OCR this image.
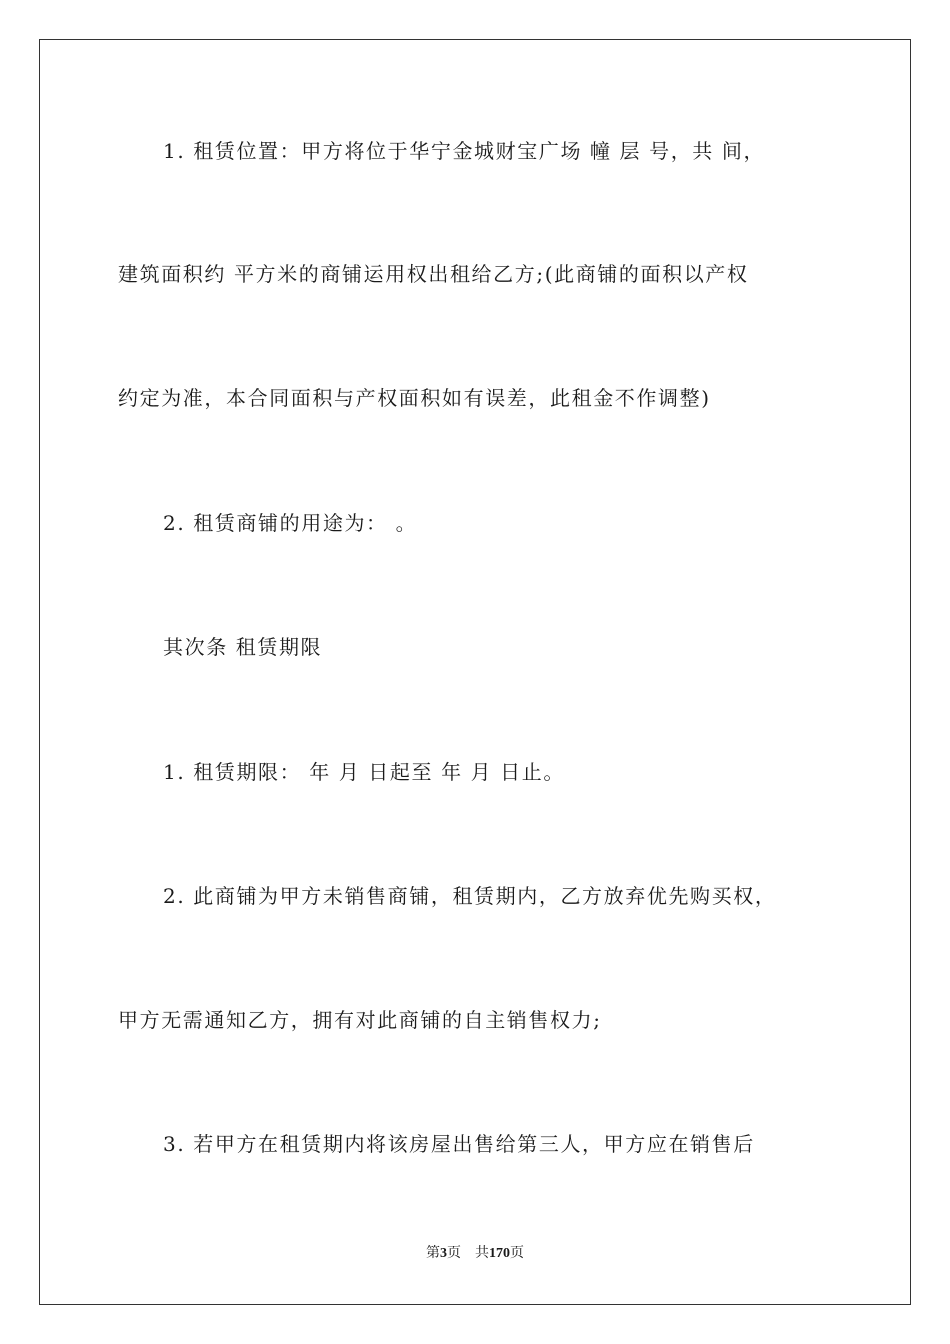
1. 租赁位置：甲方将位于华宁金城财宝广场 幢 层 号，共 间，
建筑面积约 平方米的商铺运用权出租给乙方;(此商铺的面积以产权
约定为准，本合同面积与产权面积如有误差，此租金不作调整)
2. 租赁商铺的用途为： 。
其次条 租赁期限
1. 租赁期限： 年 月 日起至 年 月 日止。
2. 此商铺为甲方未销售商铺，租赁期内，乙方放弃优先购买权，
甲方无需通知乙方，拥有对此商铺的自主销售权力;
3. 若甲方在租赁期内将该房屋出售给第三人，甲方应在销售后
第3页 共170页
